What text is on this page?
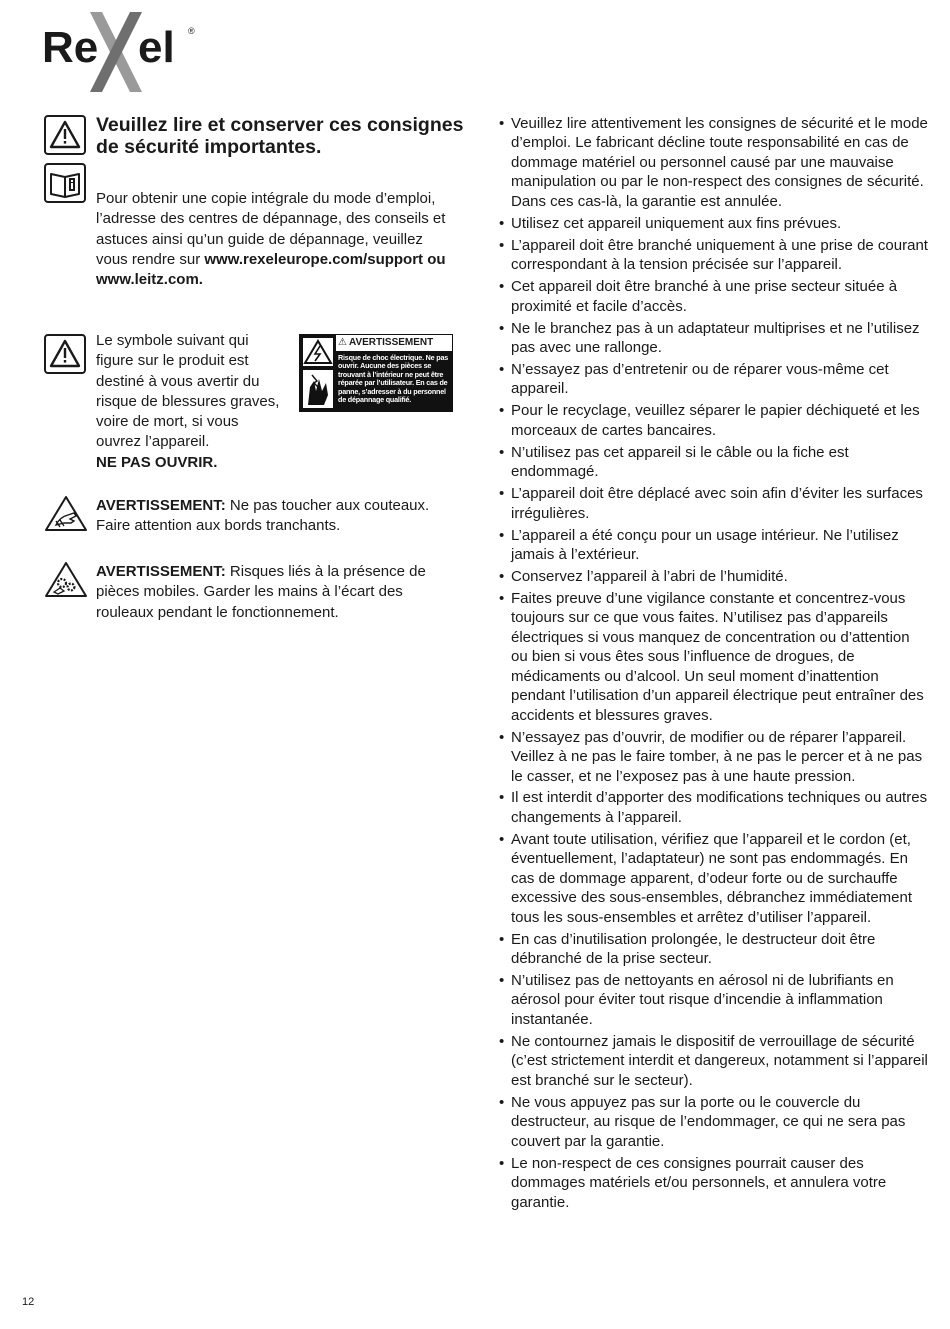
Re el ®
Veuillez lire et conserver ces consignes de sécurité importantes.

Pour obtenir une copie intégrale du mode d’emploi, l’adresse des centres de dépannage, des conseils et astuces ainsi qu’un guide de dépannage, veuillez vous rendre sur www.rexeleurope.com/support ou www.leitz.com.

Le symbole suivant qui figure sur le produit est destiné à vous avertir du risque de blessures graves, voire de mort, si vous ouvrez l’appareil.
NE PAS OUVRIR.

⚠ AVERTISSEMENT
Risque de choc électrique. Ne pas ouvrir. Aucune des pièces se trouvant à l’intérieur ne peut être réparée par l’utilisateur. En cas de panne, s’adresser à du personnel de dépannage qualifié.

AVERTISSEMENT: Ne pas toucher aux couteaux. Faire attention aux bords tranchants.

AVERTISSEMENT: Risques liés à la présence de pièces mobiles. Garder les mains à l’écart des rouleaux pendant le fonctionnement.

• Veuillez lire attentivement les consignes de sécurité et le mode d’emploi. Le fabricant décline toute responsabilité en cas de dommage matériel ou personnel causé par une mauvaise manipulation ou par le non-respect des consignes de sécurité. Dans ces cas-là, la garantie est annulée.
• Utilisez cet appareil uniquement aux fins prévues.
• L’appareil doit être branché uniquement à une prise de courant correspondant à la tension précisée sur l’appareil.
• Cet appareil doit être branché à une prise secteur située à proximité et facile d’accès.
• Ne le branchez pas à un adaptateur multiprises et ne l’utilisez pas avec une rallonge.
• N’essayez pas d’entretenir ou de réparer vous-même cet appareil.
• Pour le recyclage, veuillez séparer le papier déchiqueté et les morceaux de cartes bancaires.
• N’utilisez pas cet appareil si le câble ou la fiche est endommagé.
• L’appareil doit être déplacé avec soin afin d’éviter les surfaces irrégulières.
• L’appareil a été conçu pour un usage intérieur. Ne l’utilisez jamais à l’extérieur.
• Conservez l’appareil à l’abri de l’humidité.
• Faites preuve d’une vigilance constante et concentrez-vous toujours sur ce que vous faites. N’utilisez pas d’appareils électriques si vous manquez de concentration ou d’attention ou bien si vous êtes sous l’influence de drogues, de médicaments ou d’alcool. Un seul moment d’inattention pendant l’utilisation d’un appareil électrique peut entraîner des accidents et blessures graves.
• N’essayez pas d’ouvrir, de modifier ou de réparer l’appareil. Veillez à ne pas le faire tomber, à ne pas le percer et à ne pas le casser, et ne l’exposez pas à une haute pression.
• Il est interdit d’apporter des modifications techniques ou autres changements à l’appareil.
• Avant toute utilisation, vérifiez que l’appareil et le cordon (et, éventuellement, l’adaptateur) ne sont pas endommagés. En cas de dommage apparent, d’odeur forte ou de surchauffe excessive des sous-ensembles, débranchez immédiatement tous les sous-ensembles et arrêtez d’utiliser l’appareil.
• En cas d’inutilisation prolongée, le destructeur doit être débranché de la prise secteur.
• N’utilisez pas de nettoyants en aérosol ni de lubrifiants en aérosol pour éviter tout risque d’incendie à inflammation instantanée.
• Ne contournez jamais le dispositif de verrouillage de sécurité (c’est strictement interdit et dangereux, notamment si l’appareil est branché sur le secteur).
• Ne vous appuyez pas sur la porte ou le couvercle du destructeur, au risque de l’endommager, ce qui ne sera pas couvert par la garantie.
• Le non-respect de ces consignes pourrait causer des dommages matériels et/ou personnels, et annulera votre garantie.
12
